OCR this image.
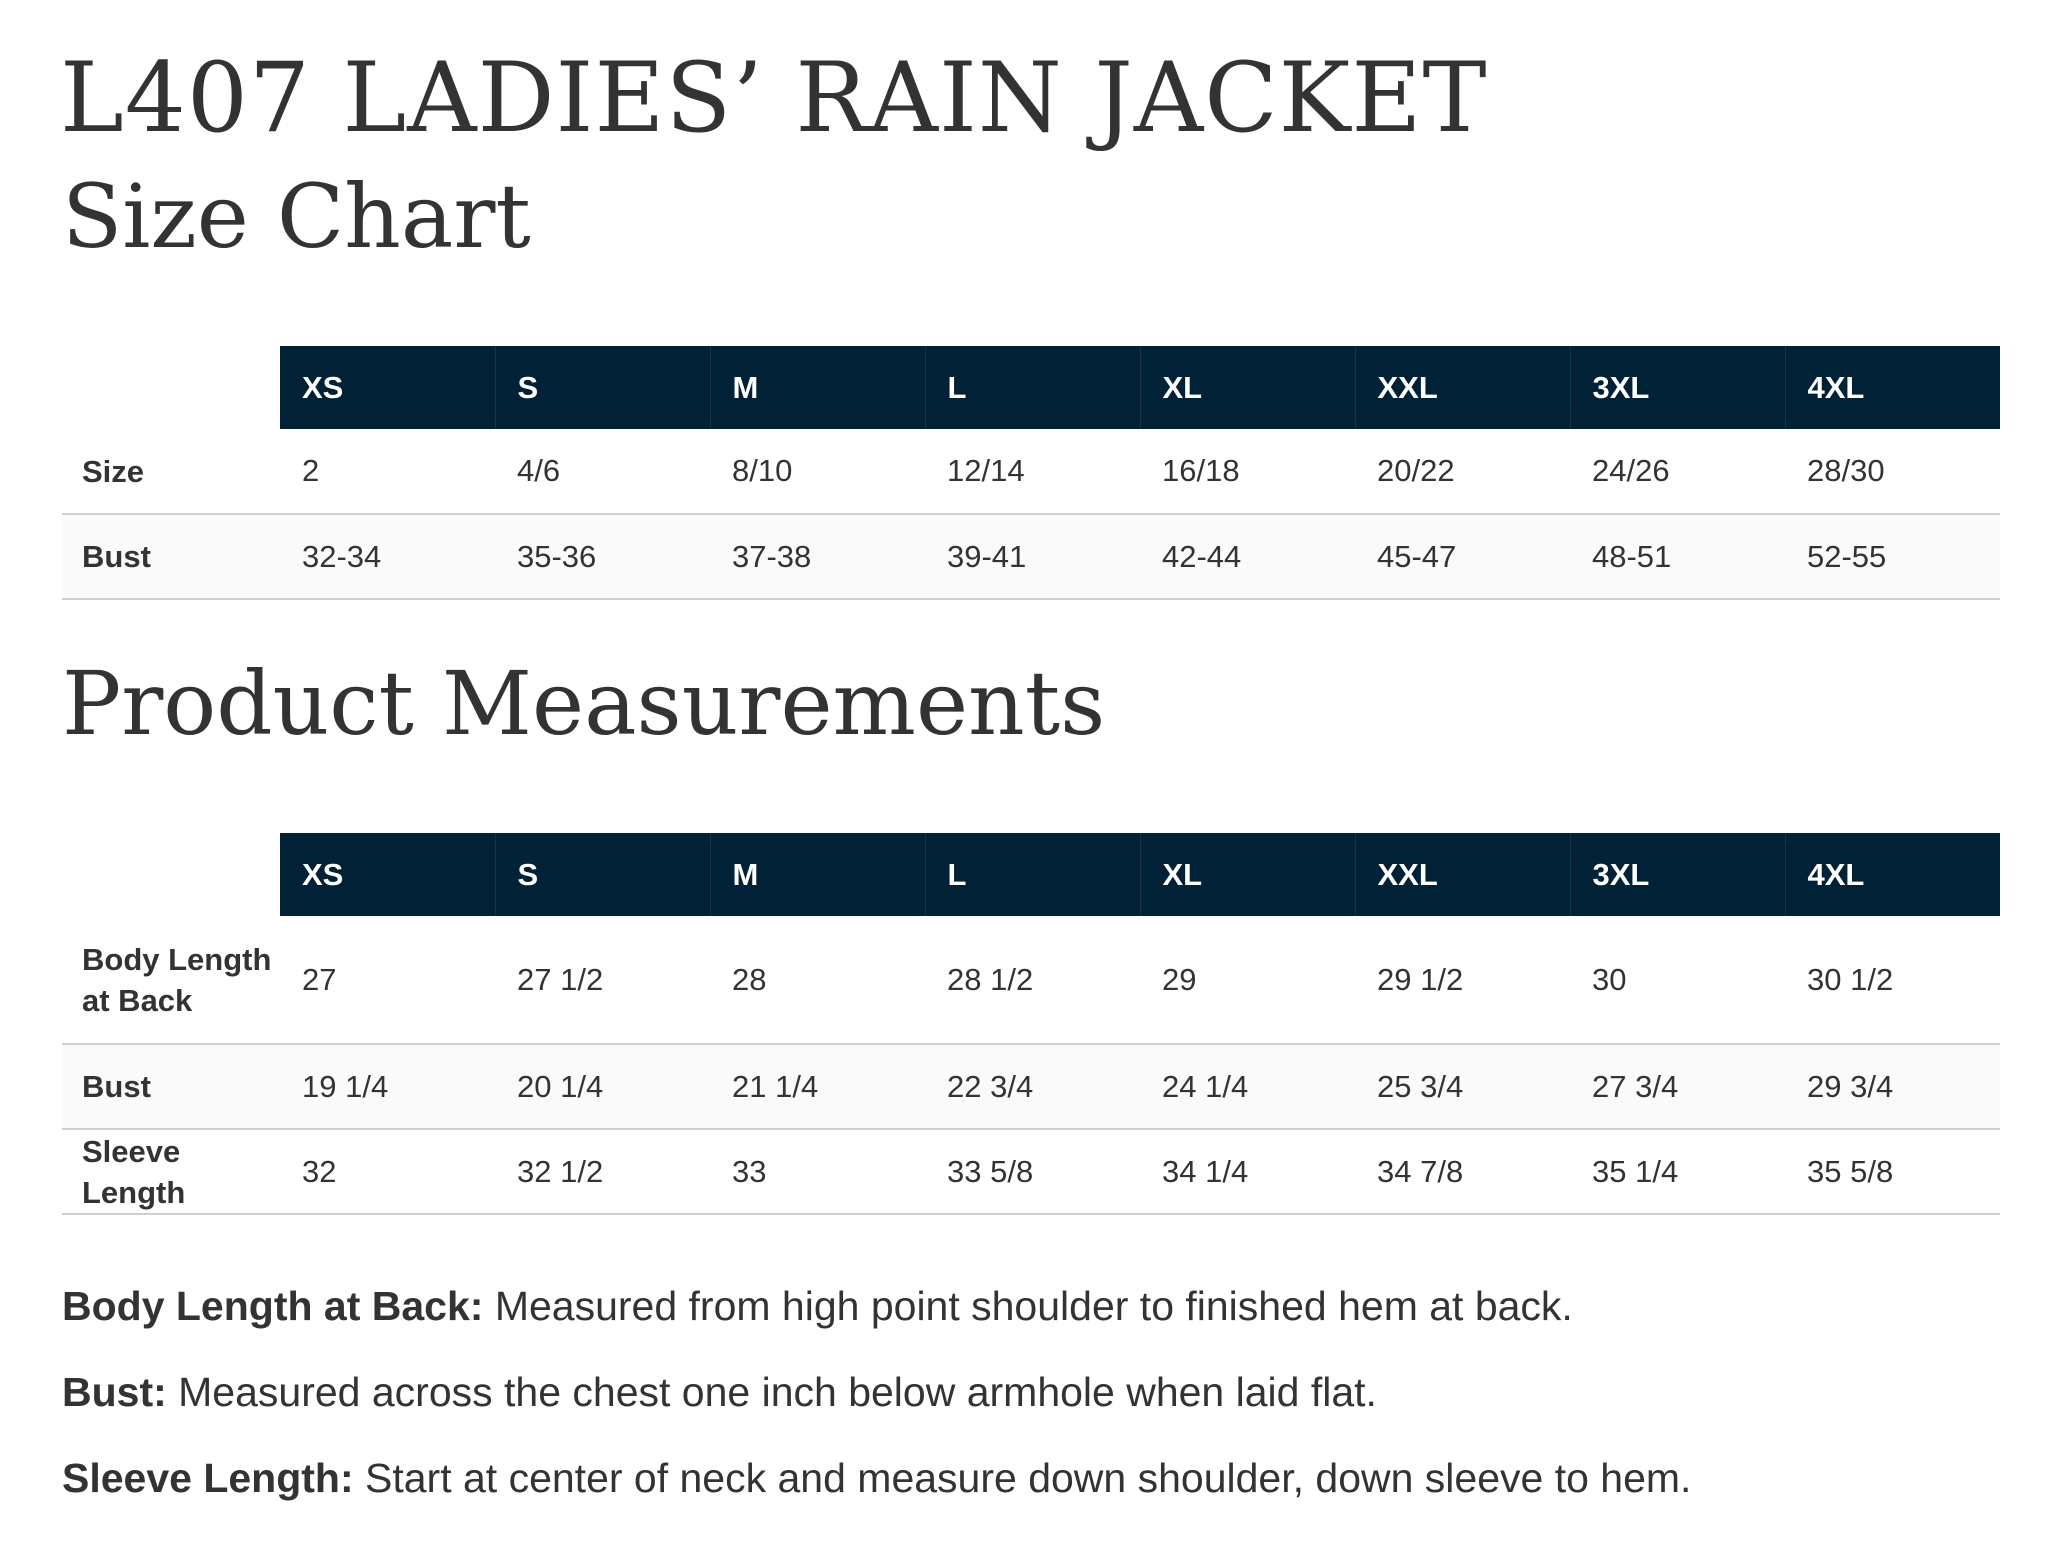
L407 LADIES’ RAIN JACKET
Size Chart
	XS	S	M	L	XL	XXL	3XL	4XL
Size	2	4/6	8/10	12/14	16/18	20/22	24/26	28/30
Bust	32-34	35-36	37-38	39-41	42-44	45-47	48-51	52-55
Product Measurements
	XS	S	M	L	XL	XXL	3XL	4XL
Body Length at Back	27	27 1/2	28	28 1/2	29	29 1/2	30	30 1/2
Bust	19 1/4	20 1/4	21 1/4	22 3/4	24 1/4	25 3/4	27 3/4	29 3/4
Sleeve Length	32	32 1/2	33	33 5/8	34 1/4	34 7/8	35 1/4	35 5/8

Body Length at Back: Measured from high point shoulder to finished hem at back.

Bust: Measured across the chest one inch below armhole when laid flat.

Sleeve Length: Start at center of neck and measure down shoulder, down sleeve to hem.
